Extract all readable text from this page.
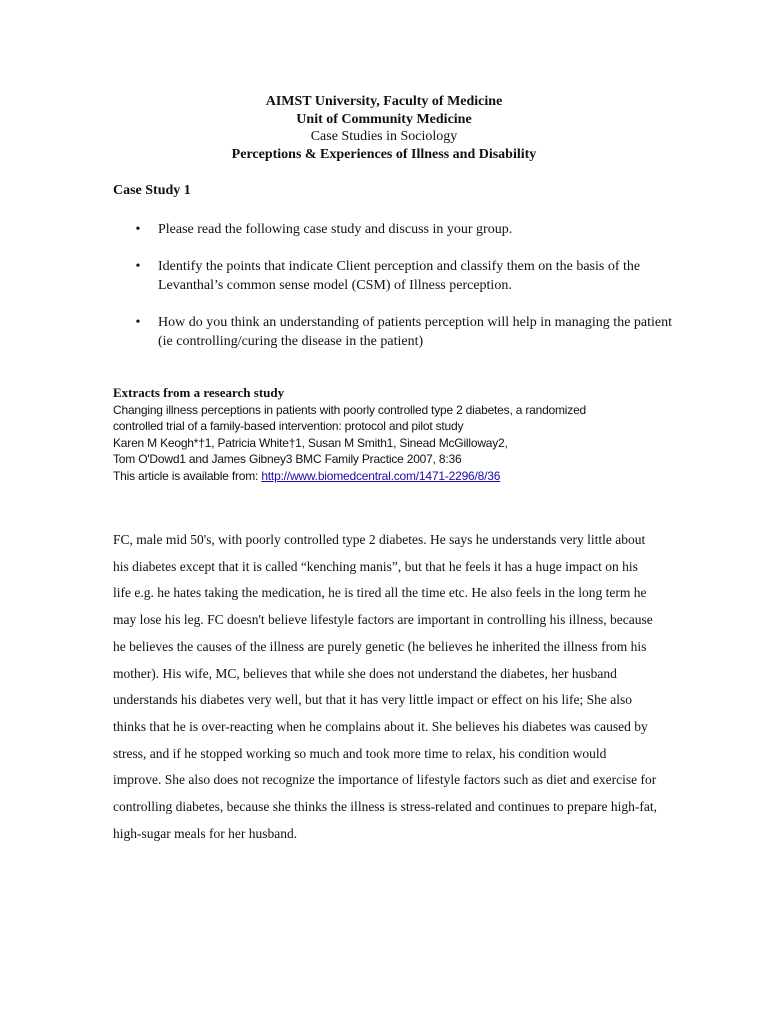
AIMST University, Faculty of Medicine
Unit of Community Medicine
Case Studies in Sociology
Perceptions & Experiences of Illness and Disability
Case Study 1
• Please read the following case study and discuss in your group.
• Identify the points that indicate Client perception and classify them on the basis of the Levanthal’s common sense model (CSM) of Illness perception.
• How do you think an understanding of patients perception will help in managing the patient (ie controlling/curing the disease in the patient)
Extracts from a research study
Changing illness perceptions in patients with poorly controlled type 2 diabetes, a randomized
controlled trial of a family-based intervention: protocol and pilot study
Karen M Keogh*†1, Patricia White†1, Susan M Smith1, Sinead McGilloway2,
Tom O'Dowd1 and James Gibney3 BMC Family Practice 2007, 8:36
This article is available from: http://www.biomedcentral.com/1471-2296/8/36

FC, male mid 50's, with poorly controlled type 2 diabetes. He says he understands very little about his diabetes except that it is called “kenching manis”, but that he feels it has a huge impact on his life e.g. he hates taking the medication, he is tired all the time etc. He also feels in the long term he may lose his leg. FC doesn't believe lifestyle factors are important in controlling his illness, because he believes the causes of the illness are purely genetic (he believes he inherited the illness from his mother). His wife, MC, believes that while she does not understand the diabetes, her husband understands his diabetes very well, but that it has very little impact or effect on his life; She also thinks that he is over-reacting when he complains about it. She believes his diabetes was caused by stress, and if he stopped working so much and took more time to relax, his condition would improve. She also does not recognize the importance of lifestyle factors such as diet and exercise for controlling diabetes, because she thinks the illness is stress-related and continues to prepare high-fat, high-sugar meals for her husband.
